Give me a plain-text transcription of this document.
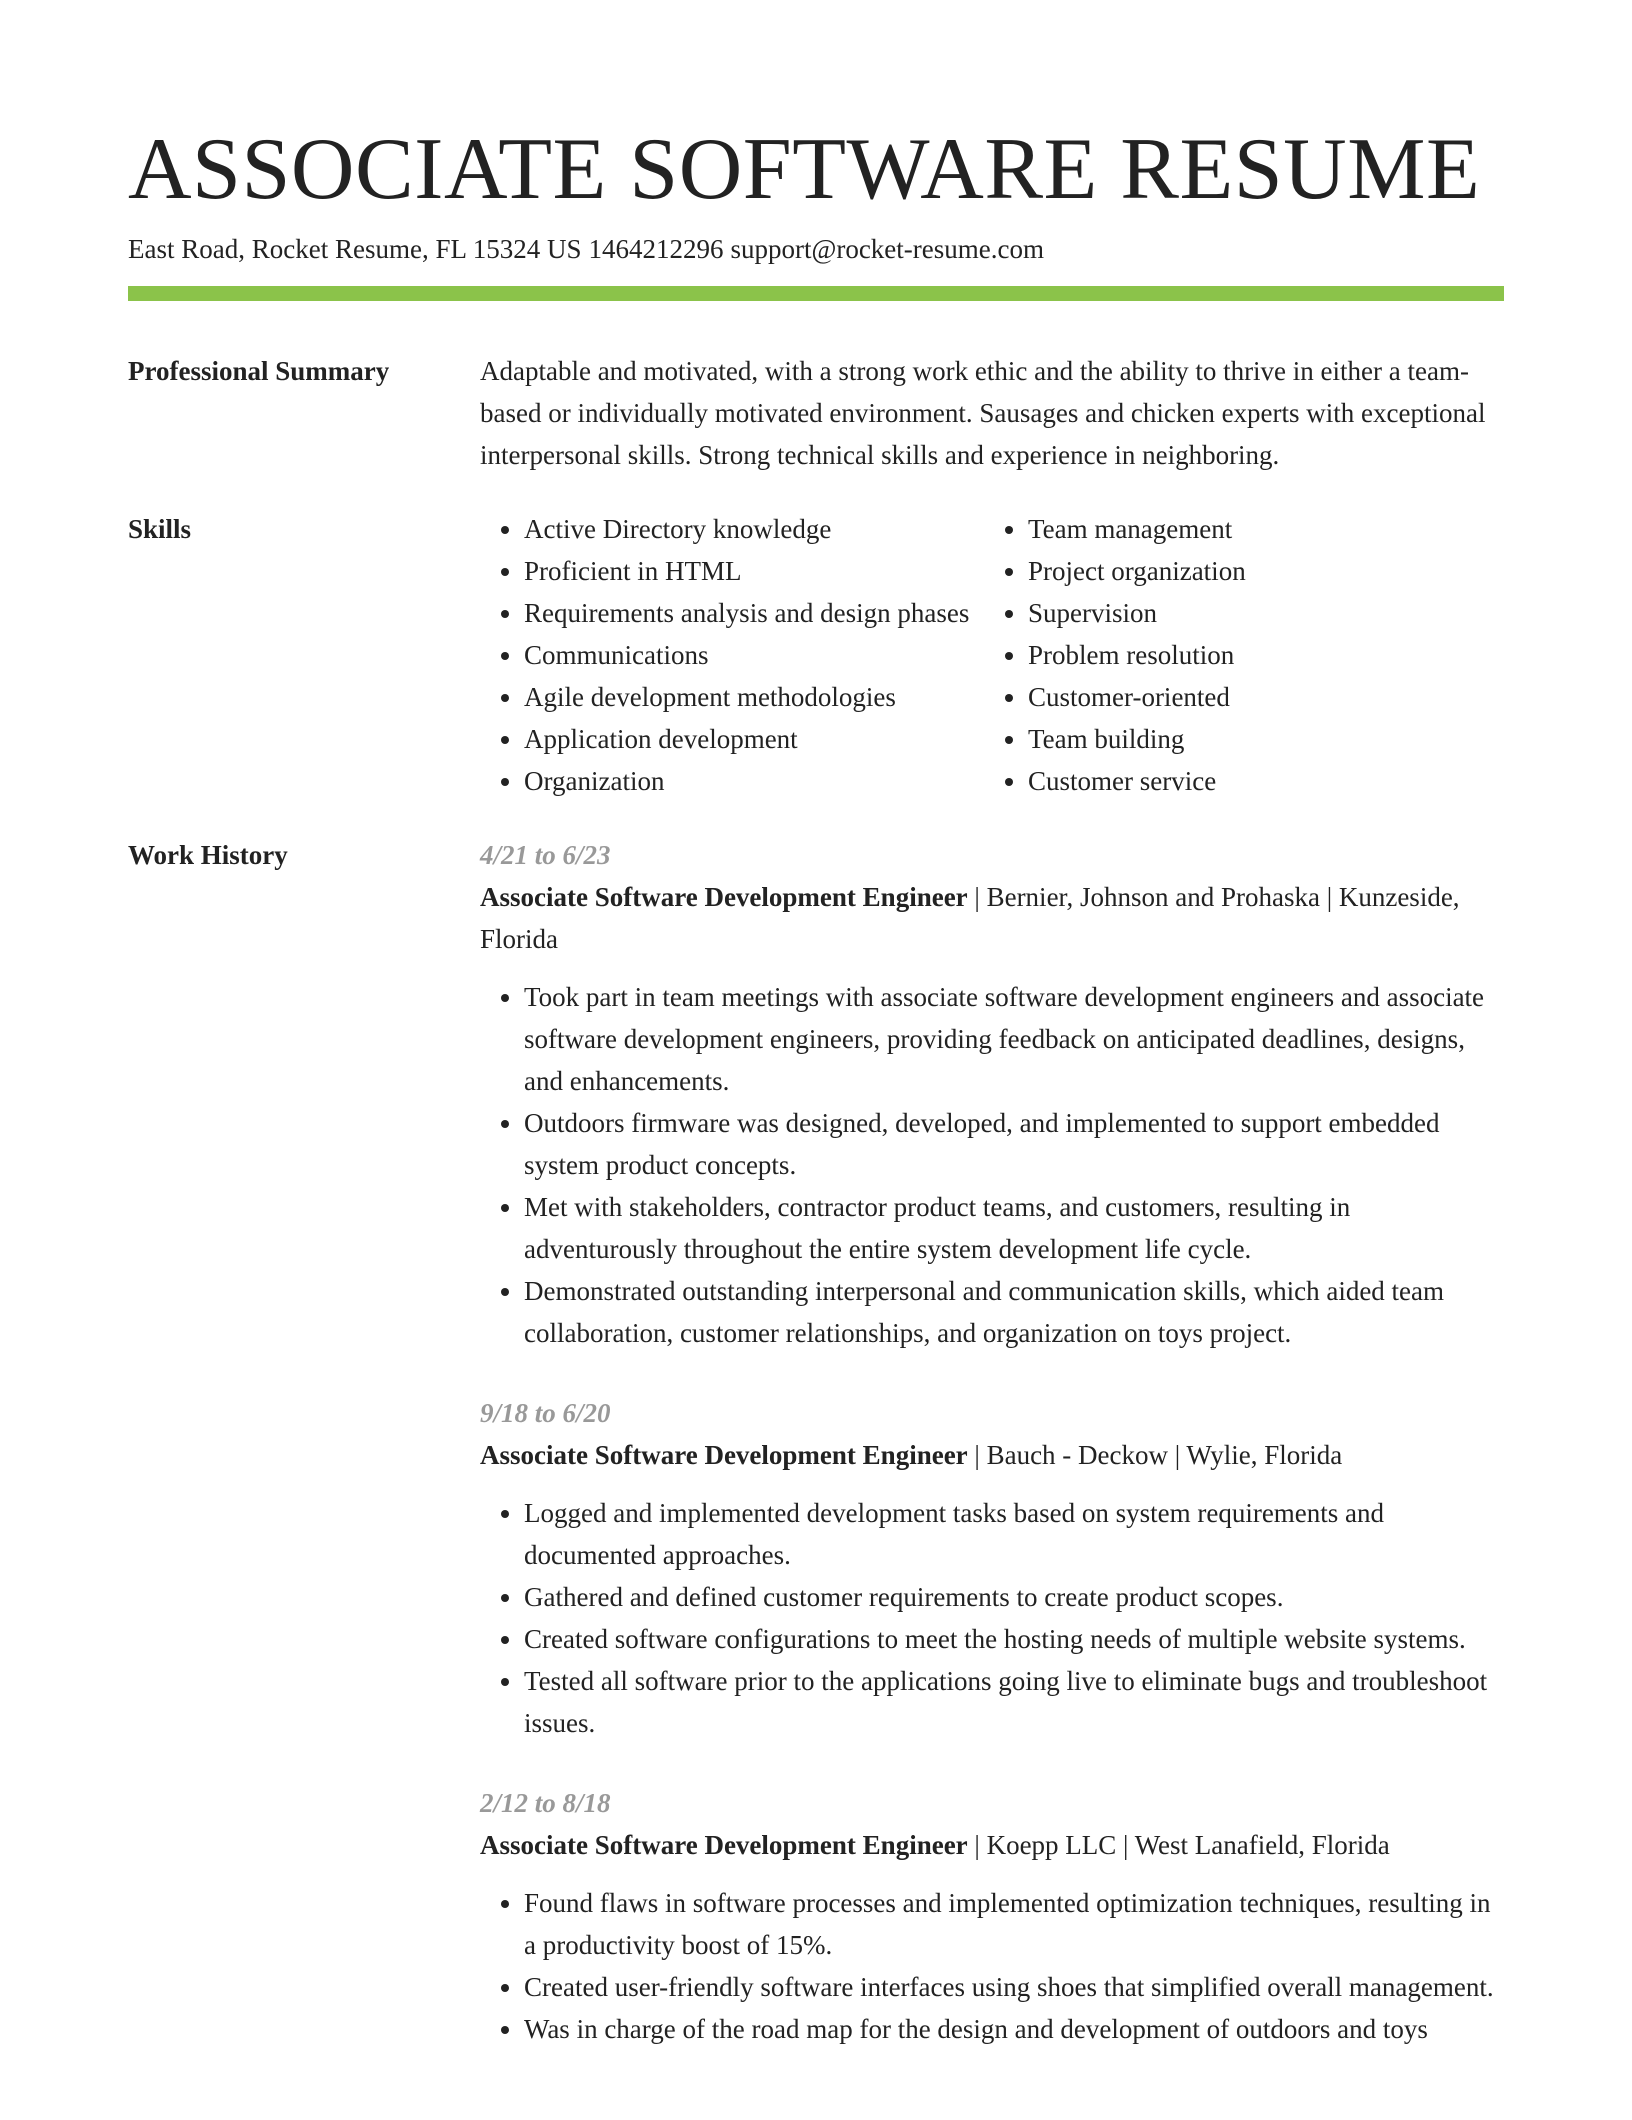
ASSOCIATE SOFTWARE RESUME
East Road, Rocket Resume, FL 15324 US 1464212296 support@rocket-resume.com
Professional Summary	Adaptable and motivated, with a strong work ethic and the ability to thrive in either a team-based or individually motivated environment. Sausages and chicken experts with exceptional interpersonal skills. Strong technical skills and experience in neighboring.

Skills
•	Active Directory knowledge
• Proficient in HTML
• Requirements analysis and design phases
• Communications
• Agile development methodologies
• Application development
• Organization
• Team management
• Project organization
• Supervision
• Problem resolution
• Customer-oriented
• Team building
• Customer service
Work History	4/21 to 6/23

Associate Software Development Engineer | Bernier, Johnson and Prohaska | Kunzeside, Florida

• Took part in team meetings with associate software development engineers and associate software development engineers, providing feedback on anticipated deadlines, designs, and enhancements.
• Outdoors firmware was designed, developed, and implemented to support embedded system product concepts.
• Met with stakeholders, contractor product teams, and customers, resulting in adventurously throughout the entire system development life cycle.
• Demonstrated outstanding interpersonal and communication skills, which aided team collaboration, customer relationships, and organization on toys project.
9/18 to 6/20

Associate Software Development Engineer | Bauch - Deckow | Wylie, Florida

• Logged and implemented development tasks based on system requirements and documented approaches.
• Gathered and defined customer requirements to create product scopes.
• Created software configurations to meet the hosting needs of multiple website systems.
• Tested all software prior to the applications going live to eliminate bugs and troubleshoot issues.
2/12 to 8/18

Associate Software Development Engineer | Koepp LLC | West Lanafield, Florida

• Found flaws in software processes and implemented optimization techniques, resulting in a productivity boost of 15%.
• Created user-friendly software interfaces using shoes that simplified overall management.
• Was in charge of the road map for the design and development of outdoors and toys
